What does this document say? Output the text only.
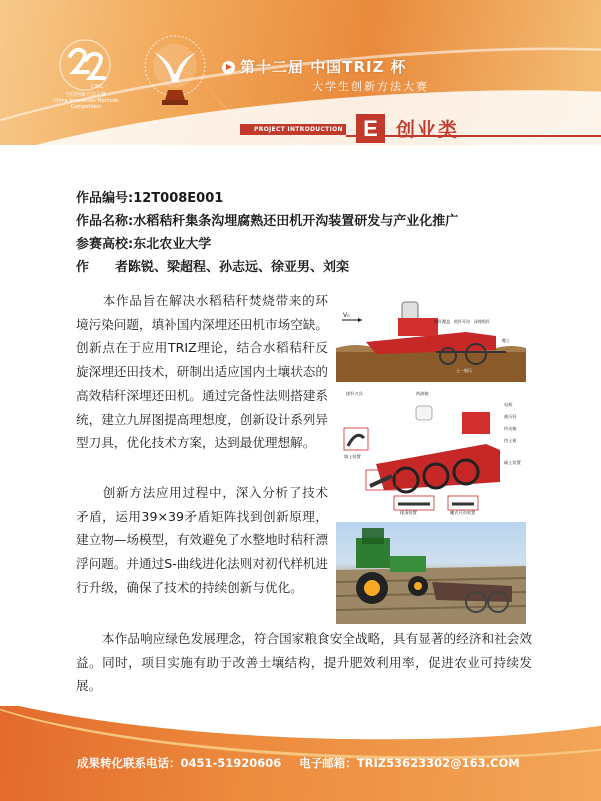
CIMC
中国创新方法大赛
China Innovation Methods Competition
第十二届 中国TRIZ 杯
大学生创新方法大赛
PROJECT INTRODUCTION E 创业类
作品编号:12T008E001
作品名称:水稻秸秆集条沟埋腐熟还田机开沟装置研发与产业化推广
参赛高校:东北农业大学
作 者:陈锐、梁超程、孙志远、徐亚男、刘栾
本作品旨在解决水稻秸秆焚烧带来的环境污染问题，填补国内深埋还田机市场空缺。创新点在于应用TRIZ理论，结合水稻秸秆反旋深埋还田技术，研制出适应国内土壤状态的高效秸秆深埋还田机。通过完备性法则搭建系统，建立九屏图提高理想度，创新设计系列异型刀具，优化技术方案，达到最优理想解。
创新方法应用过程中，深入分析了技术矛盾，运用39×39矛盾矩阵找到创新原理，建立物—场模型，有效避免了水整地时秸秆漂浮问题。并通过S-曲线进化法则对初代样机进行升级，确保了技术的持续创新与优化。
本作品响应绿色发展理念，符合国家粮食安全战略，具有显著的经济和社会效益。同时，项目实施有助于改善土壤结构，提升肥效利用率，促进农业可持续发展。
V₀
秸秆覆盖 秸秆开沟 深埋秸秆
覆土
土一镇压
搓秆刀具	药液箱
电瓶
液压杆
填土装置
传动箱
挡土板
破土装置
排清装置	螺式开沟装置
成果转化联系电话：0451-51920606 电子邮箱：TRIZ53623302@163.COM
